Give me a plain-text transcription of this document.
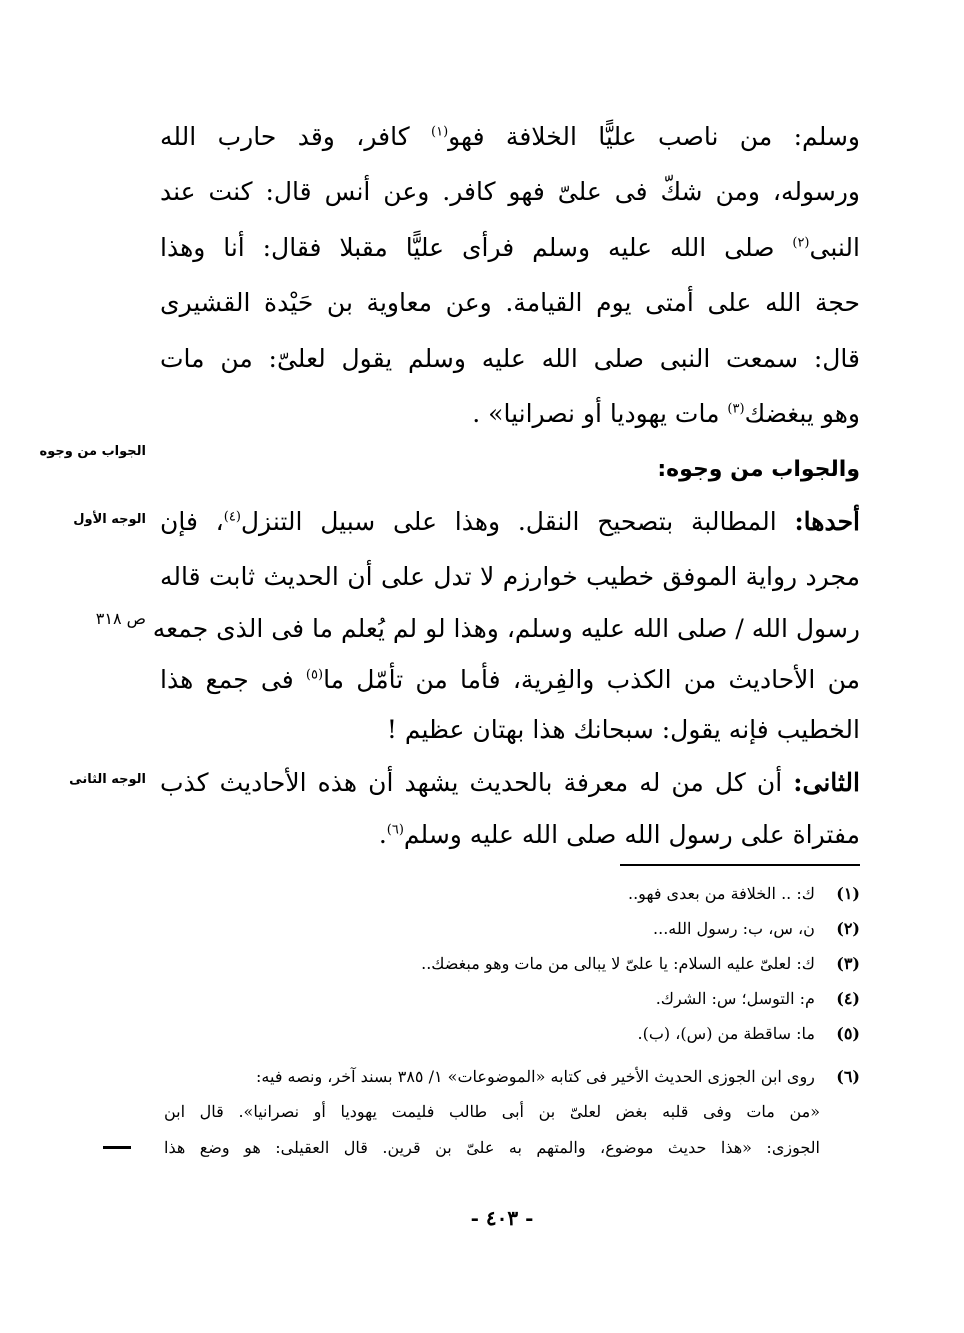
وسلم: من ناصب عليًّا الخلافة فهو$^{(١)}$ كافر، وقد حارب الله
ورسوله، ومن شكّ فى علىّ فهو كافر. وعن أنس قال: كنت عند
النبى$^{(٢)}$ صلى الله عليه وسلم فرأى عليًّا مقبلا فقال: أنا وهذا
حجة الله على أمتى يوم القيامة. وعن معاوية بن حَيْدة القشيرى
قال: سمعت النبى صلى الله عليه وسلم يقول لعلىّ: من مات
وهو يبغضك$^{(٣)}$ مات يهوديا أو نصرانيا» .
والجواب من وجوه:
أحدها: المطالبة بتصحيح النقل. وهذا على سبيل التنزل$^{(٤)}$، فإن
مجرد رواية الموفق خطيب خوارزم لا تدل على أن الحديث ثابت قاله
رسول الله / صلى الله عليه وسلم، وهذا لو لم يُعلم ما فى الذى جمعه
من الأحاديث من الكذب والفِرية، فأما من تأمّل ما$^{(٥)}$ فى جمع هذا
الخطيب فإنه يقول: سبحانك هذا بهتان عظيم !
الثانى: أن كل من له معرفة بالحديث يشهد أن هذه الأحاديث كذب
مفتراة على رسول الله صلى الله عليه وسلم$^{(٦)}$.
الجواب من وجوه
الوجه الأول
ص ٣١٨
الوجه الثانى
(١) ك: .. الخلافة من بعدى فهو..
(٢) ن، س، ب: رسول الله...
(٣) ك: لعلىّ عليه السلام: يا علىّ لا يبالى من مات وهو مبغضك..
(٤) م: التوسل؛ س: الشرك.
(٥) ما: ساقطة من (س)، (ب).
(٦) روى ابن الجوزى الحديث الأخير فى كتابه «الموضوعات» ١/ ٣٨٥ بسند آخر، ونصه فيه:
«من مات وفى قلبه بغض لعلىّ بن أبى طالب فليمت يهوديا أو نصرانيا». قال ابن
الجوزى: «هذا حديث موضوع، والمتهم به علىّ بن قرين. قال العقيلى: هو وضع هذا
- ٤٠٣ -
